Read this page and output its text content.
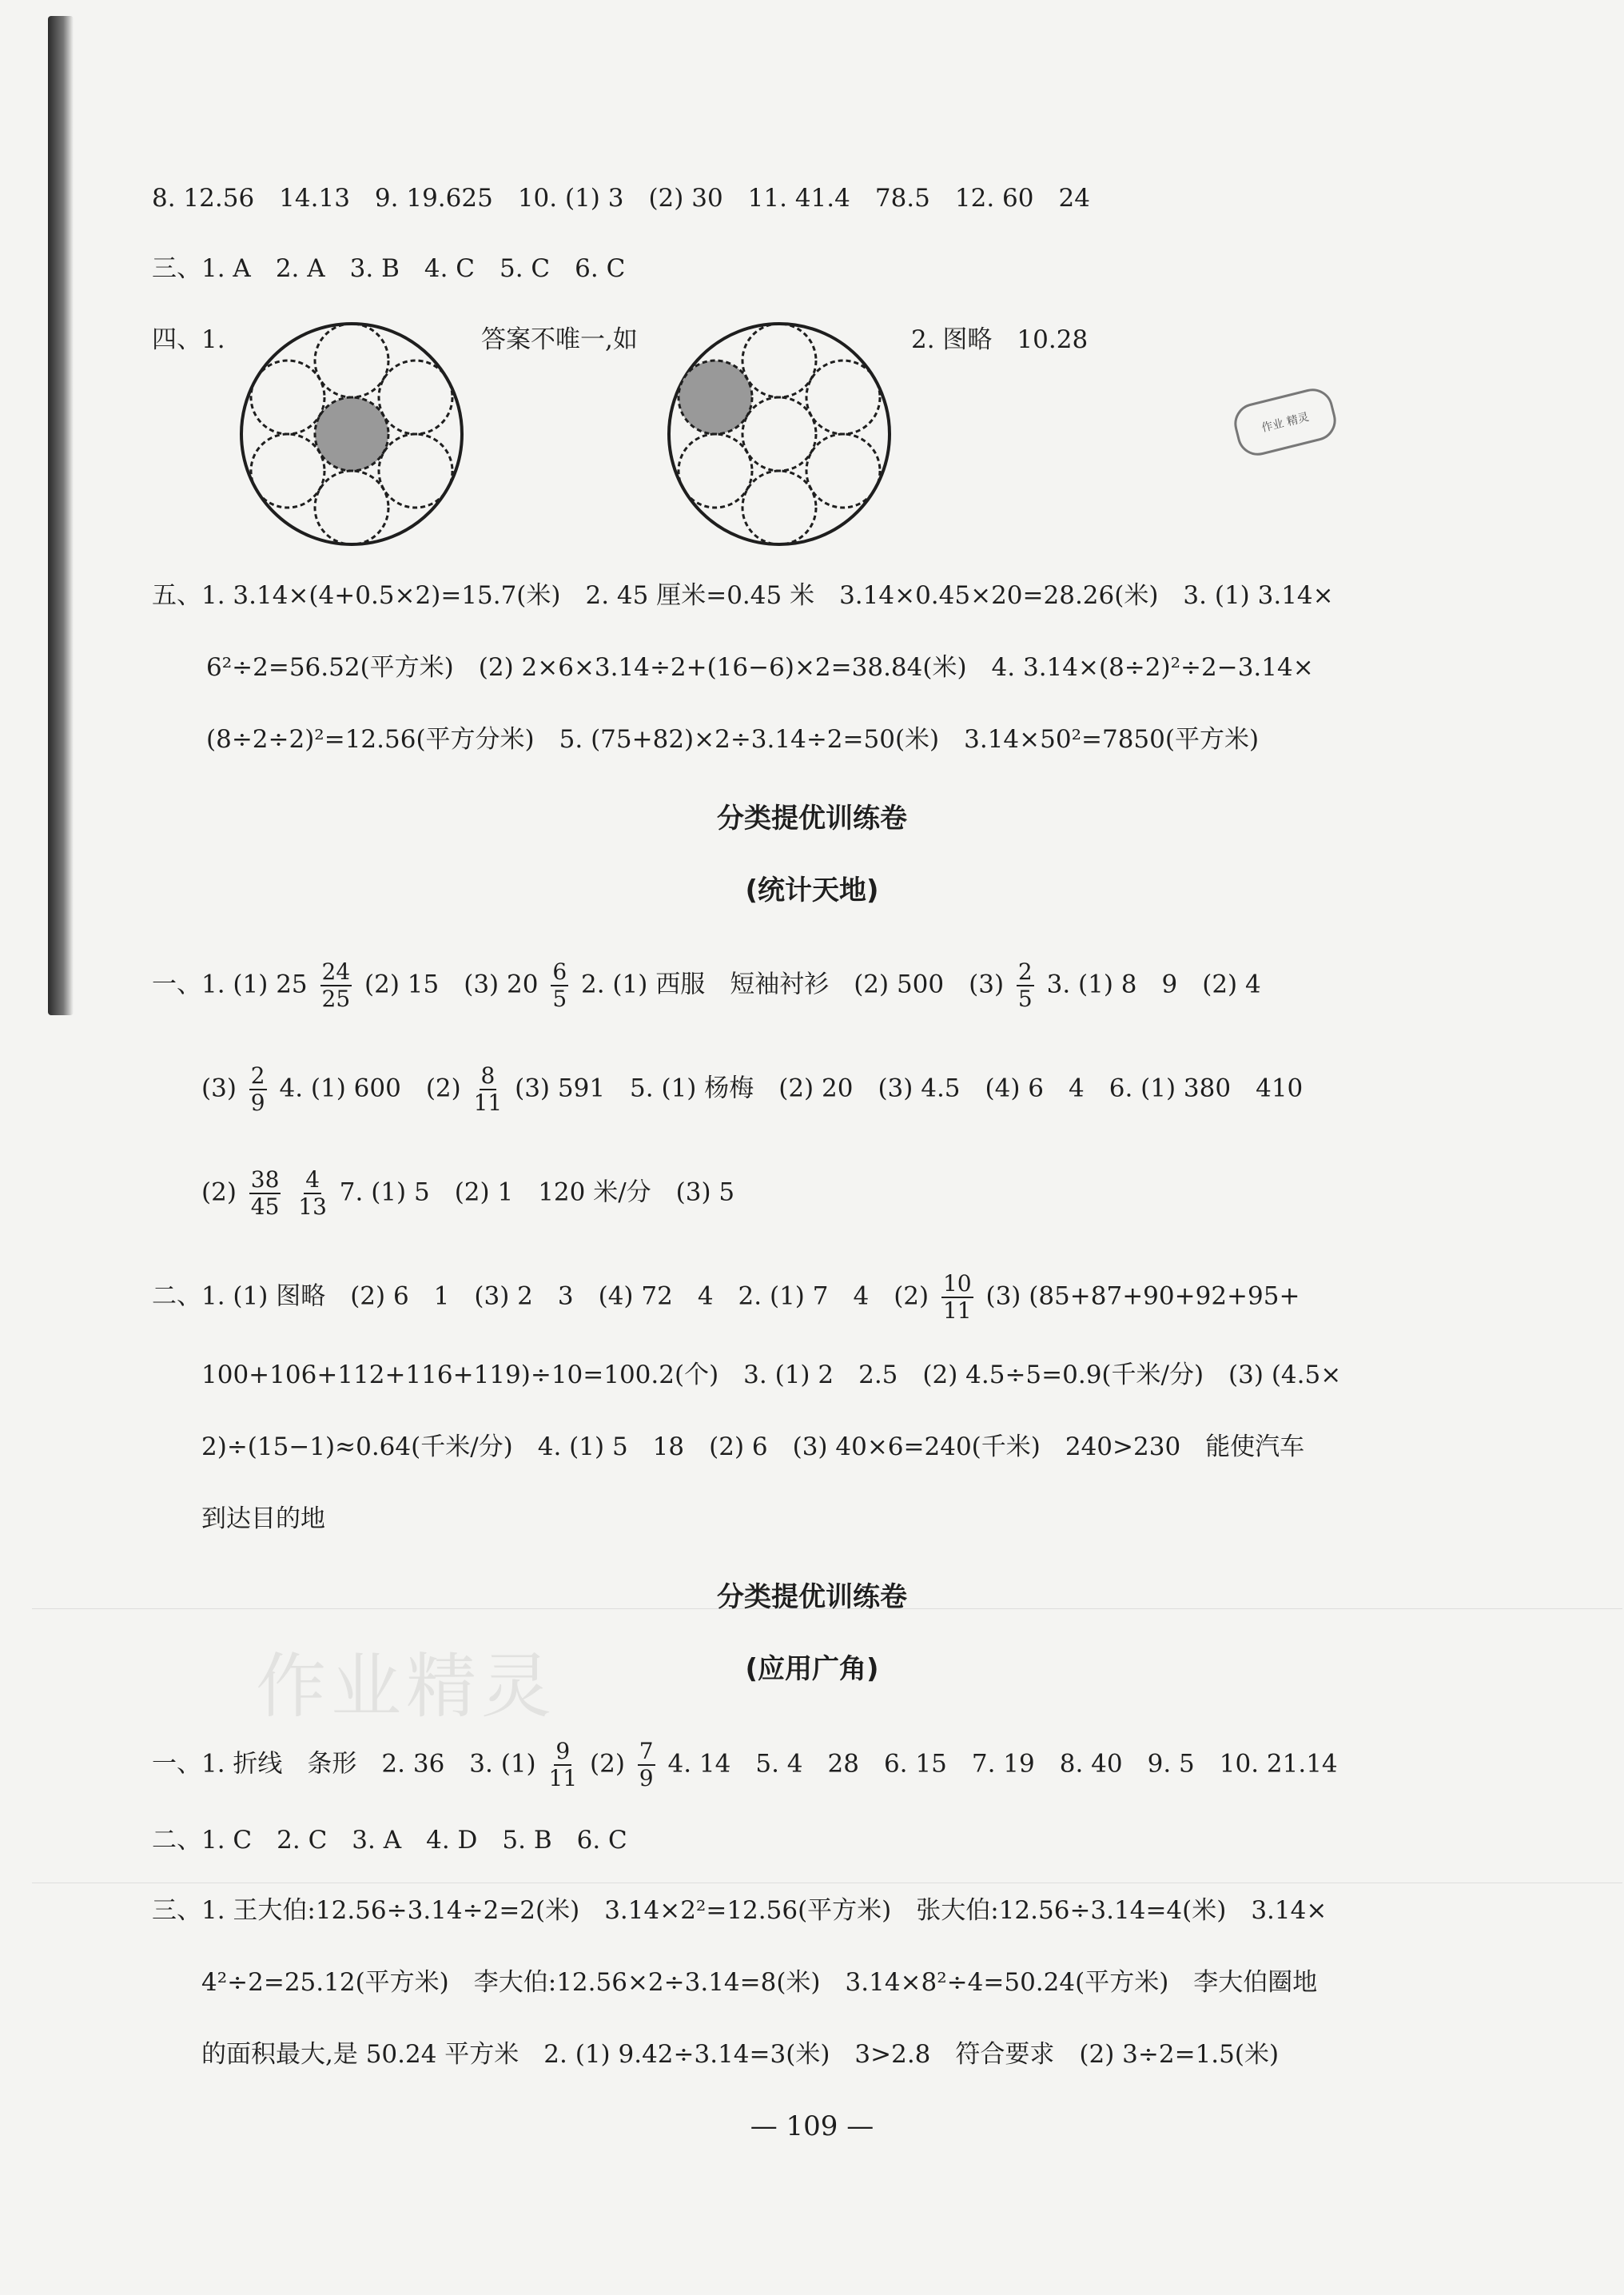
8. 12.56　14.13　9. 19.625　10. (1) 3　(2) 30　11. 41.4　78.5　12. 60　24
三、1. A　2. A　3. B　4. C　5. C　6. C
四、1.	答案不唯一,如	2. 图略　10.28
作业 精灵
五、1. 3.14×(4+0.5×2)=15.7(米)　2. 45 厘米=0.45 米　3.14×0.45×20=28.26(米)　3. (1) 3.14×
6²÷2=56.52(平方米)　(2) 2×6×3.14÷2+(16−6)×2=38.84(米)　4. 3.14×(8÷2)²÷2−3.14×
(8÷2÷2)²=12.56(平方分米)　5. (75+82)×2÷3.14÷2=50(米)　3.14×50²=7850(平方米)
分类提优训练卷
(统计天地)
一、1. (1) $25 \frac{24}{25} (2)$ 15　(3) $20 \frac{6}{5} 2$. (1) 西服　短袖衬衫　(2) 500　$(3) \frac{2}{5} 3$. (1) 8　9　(2) 4
$(3) \frac{2}{9} 4$. (1) 600　$(2) \frac{8}{11} (3)$ 591　5. (1) 杨梅　(2) 20　(3) 4.5　(4) 6　4　6. (1) 380　410
$(2) \frac{38}{45}$
$\frac{4}{13} 7$. (1) 5　(2) 1　120 米/分　(3) 5
二、1. (1) 图略　(2) 6　1　(3) 2　3　(4) 72　4　2. (1) 7　4　$(2) \frac{10}{11} (3)$ (85+87+90+92+95+
100+106+112+116+119)÷10=100.2(个)　3. (1) 2　2.5　(2) 4.5÷5=0.9(千米/分)　(3) (4.5×
2)÷(15−1)≈0.64(千米/分)　4. (1) 5　18　(2) 6　(3) 40×6=240(千米)　240>230　能使汽车
到达目的地
分类提优训练卷
(应用广角)
作业精灵
一、1. 折线　条形　2. 36　3. $(1) \frac{9}{11} (2) \frac{7}{9} 4$. 14　5. 4　28　6. 15　7. 19　8. 40　9. 5　10. 21.14
二、1. C　2. C　3. A　4. D　5. B　6. C
三、1. 王大伯:12.56÷3.14÷2=2(米)　3.14×2²=12.56(平方米)　张大伯:12.56÷3.14=4(米)　3.14×
4²÷2=25.12(平方米)　李大伯:12.56×2÷3.14=8(米)　3.14×8²÷4=50.24(平方米)　李大伯圈地
的面积最大,是 50.24 平方米　2. (1) 9.42÷3.14=3(米)　3>2.8　符合要求　(2) 3÷2=1.5(米)
— 109 —
